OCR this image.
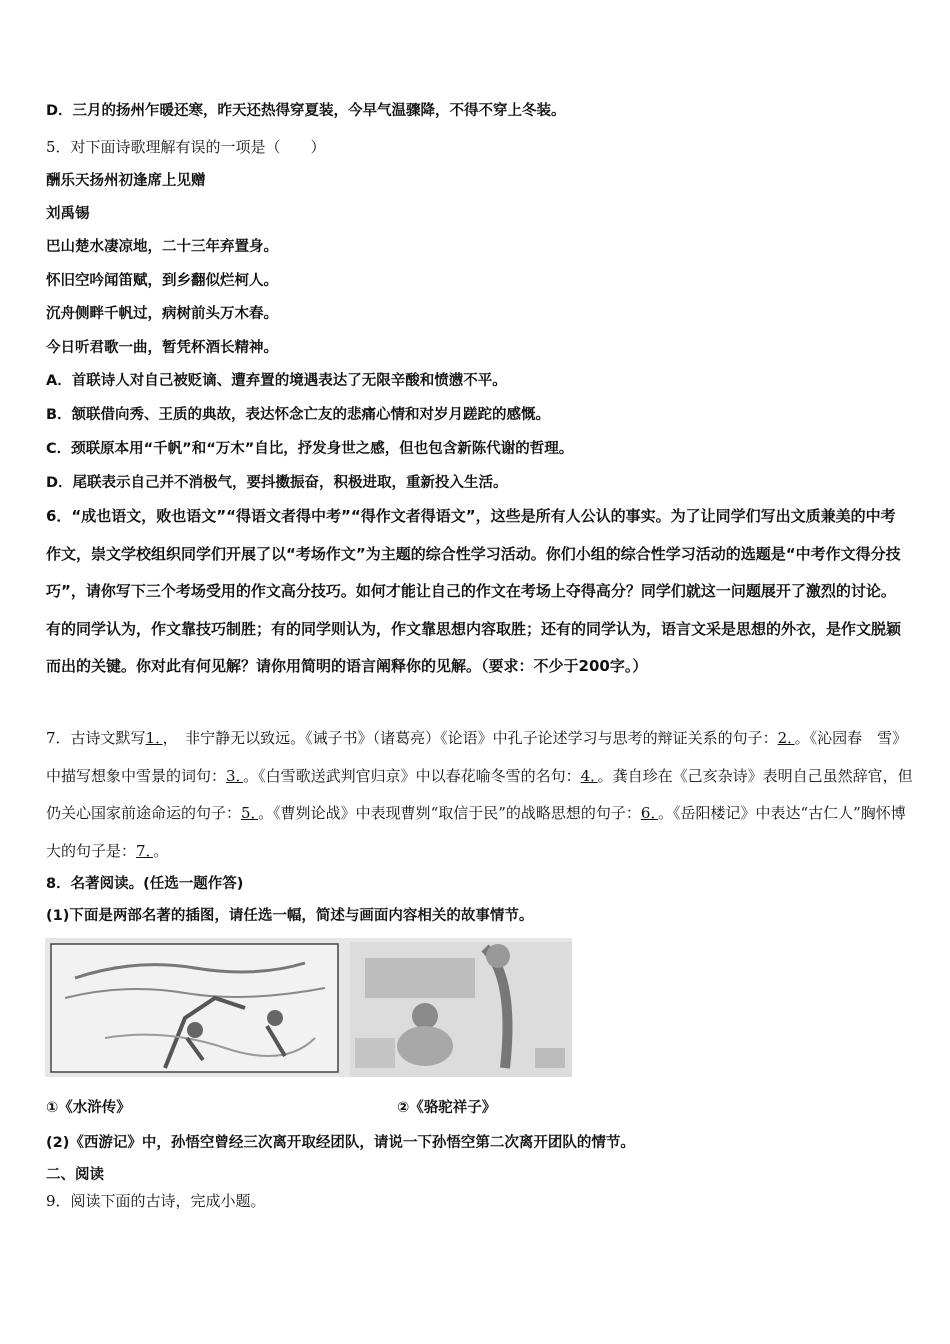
D．三月的扬州乍暖还寒，昨天还热得穿夏装，今早气温骤降，不得不穿上冬装。
5．对下面诗歌理解有误的一项是（　　）
酬乐天扬州初逢席上见赠
刘禹锡
巴山楚水凄凉地，二十三年弃置身。
怀旧空吟闻笛赋，到乡翻似烂柯人。
沉舟侧畔千帆过，病树前头万木春。
今日听君歌一曲，暂凭杯酒长精神。
A．首联诗人对自己被贬谪、遭弃置的境遇表达了无限辛酸和愤懑不平。
B．颔联借向秀、王质的典故，表达怀念亡友的悲痛心情和对岁月蹉跎的感慨。
C．颈联原本用“千帆”和“万木”自比，抒发身世之感，但也包含新陈代谢的哲理。
D．尾联表示自己并不消极气，要抖擞振奋，积极进取，重新投入生活。
6．“成也语文，败也语文”“得语文者得中考”“得作文者得语文”，这些是所有人公认的事实。为了让同学们写出文质兼美的中考作文，崇文学校组织同学们开展了以“考场作文”为主题的综合性学习活动。你们小组的综合性学习活动的选题是“中考作文得分技巧”，请你写下三个考场受用的作文高分技巧。如何才能让自己的作文在考场上夺得高分？同学们就这一问题展开了激烈的讨论。有的同学认为，作文靠技巧制胜；有的同学则认为，作文靠思想内容取胜；还有的同学认为，语言文采是思想的外衣，是作文脱颖而出的关键。你对此有何见解？请你用简明的语言阐释你的见解。（要求：不少于200字。）
7．古诗文默写1．，　非宁静无以致远。《诫子书》（诸葛亮）《论语》中孔子论述学习与思考的辩证关系的句子：2．。《沁园春　雪》中描写想象中雪景的词句：3．。《白雪歌送武判官归京》中以春花喻冬雪的名句：4．。龚自珍在《己亥杂诗》表明自己虽然辞官，但仍关心国家前途命运的句子：5．。《曹刿论战》中表现曹刿“取信于民”的战略思想的句子：6．。《岳阳楼记》中表达“古仁人”胸怀博大的句子是：7．。
8．名著阅读。(任选一题作答)
(1)下面是两部名著的插图，请任选一幅，简述与画面内容相关的故事情节。
①《水浒传》	②《骆驼祥子》
(2)《西游记》中，孙悟空曾经三次离开取经团队，请说一下孙悟空第二次离开团队的情节。
二、阅读
9．阅读下面的古诗，完成小题。
